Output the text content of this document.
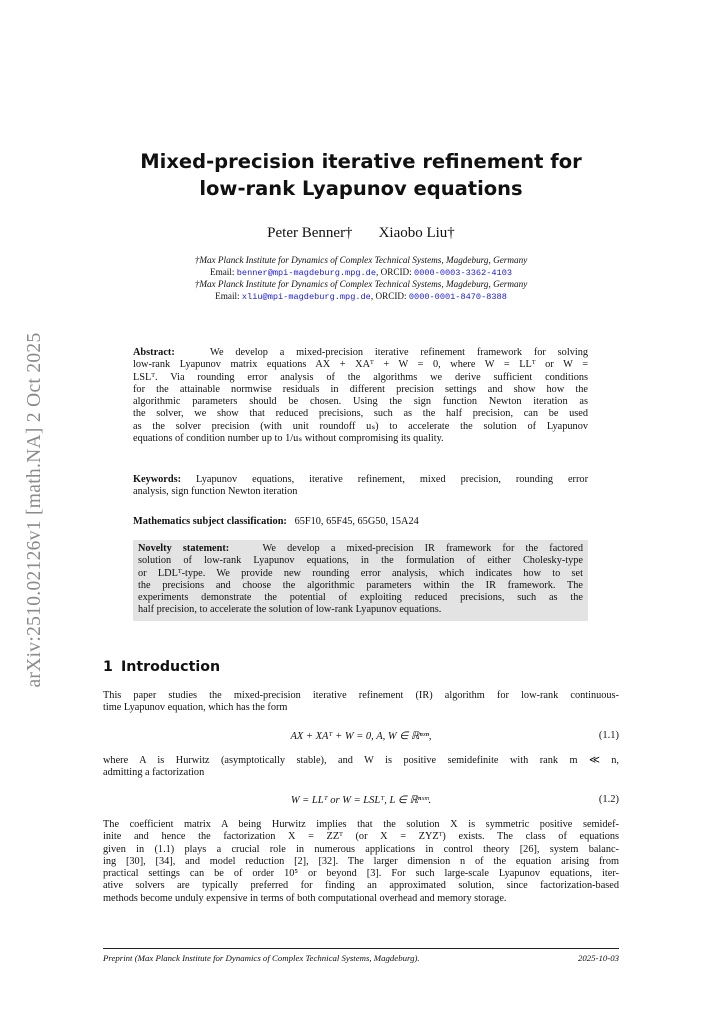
arXiv:2510.02126v1 [math.NA] 2 Oct 2025
Mixed-precision iterative refinement for
low-rank Lyapunov equations
Peter Benner† Xiaobo Liu†
†Max Planck Institute for Dynamics of Complex Technical Systems, Magdeburg, Germany
Email: benner@mpi-magdeburg.mpg.de, ORCID: 0000-0003-3362-4103
†Max Planck Institute for Dynamics of Complex Technical Systems, Magdeburg, Germany
Email: xliu@mpi-magdeburg.mpg.de, ORCID: 0000-0001-8470-8388
Abstract:	We develop a mixed-precision iterative refinement framework for solving
low-rank Lyapunov matrix equations AX + XAᵀ + W = 0, where W = LLᵀ or W =
LSLᵀ. Via rounding error analysis of the algorithms we derive sufficient conditions
for the attainable normwise residuals in different precision settings and show how the
algorithmic parameters should be chosen. Using the sign function Newton iteration as
the solver, we show that reduced precisions, such as the half precision, can be used
as the solver precision (with unit roundoff uₛ) to accelerate the solution of Lyapunov
equations of condition number up to 1/uₛ without compromising its quality.
Keywords: Lyapunov equations, iterative refinement, mixed precision, rounding error
analysis, sign function Newton iteration
Mathematics subject classification: 65F10, 65F45, 65G50, 15A24
Novelty statement:	We develop a mixed-precision IR framework for the factored
solution of low-rank Lyapunov equations, in the formulation of either Cholesky-type
or LDLᵀ-type. We provide new rounding error analysis, which indicates how to set
the precisions and choose the algorithmic parameters within the IR framework. The
experiments demonstrate the potential of exploiting reduced precisions, such as the
half precision, to accelerate the solution of low-rank Lyapunov equations.
1 Introduction
This paper studies the mixed-precision iterative refinement (IR) algorithm for low-rank continuous-
time Lyapunov equation, which has the form
AX + XAᵀ + W = 0, A, W ∈ ℝⁿˣⁿ,	(1.1)
where A is Hurwitz (asymptotically stable), and W is positive semidefinite with rank m ≪ n,
admitting a factorization
W = LLᵀ or W = LSLᵀ, L ∈ ℝⁿˣᵐ.	(1.2)
The coefficient matrix A being Hurwitz implies that the solution X is symmetric positive semidef-
inite and hence the factorization X = ZZᵀ (or X = ZYZᵀ) exists. The class of equations
given in (1.1) plays a crucial role in numerous applications in control theory [26], system balanc-
ing [30], [34], and model reduction [2], [32]. The larger dimension n of the equation arising from
practical settings can be of order 10⁵ or beyond [3]. For such large-scale Lyapunov equations, iter-
ative solvers are typically preferred for finding an approximated solution, since factorization-based
methods become unduly expensive in terms of both computational overhead and memory storage.
Preprint (Max Planck Institute for Dynamics of Complex Technical Systems, Magdeburg).	2025-10-03
